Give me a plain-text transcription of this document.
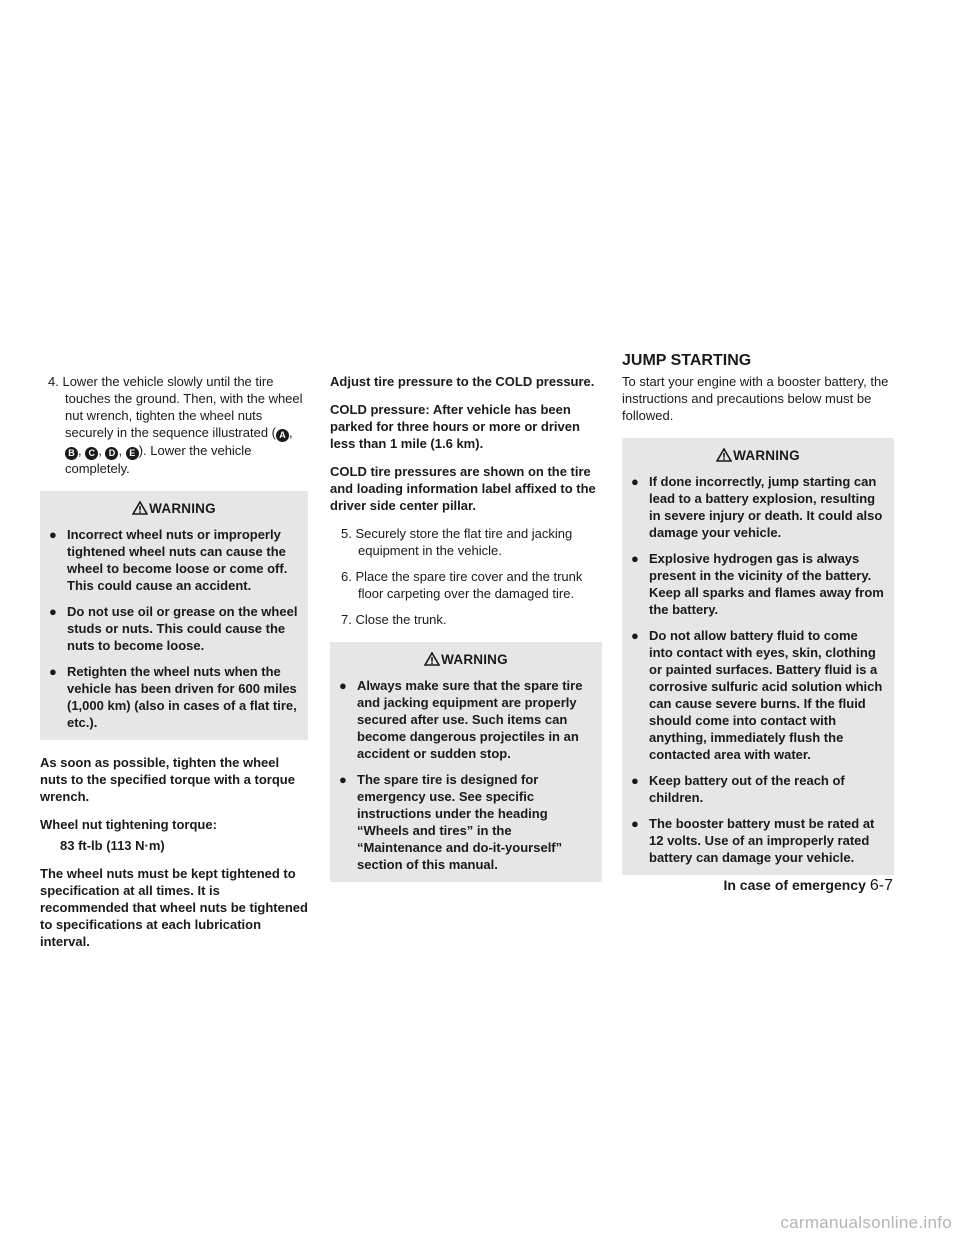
JUMP STARTING

4. Lower the vehicle slowly until the tire touches the ground. Then, with the wheel nut wrench, tighten the wheel nuts securely in the sequence illustrated ( A , B , C , D , E ). Lower the vehicle completely.

WARNING
● Incorrect wheel nuts or improperly tightened wheel nuts can cause the wheel to become loose or come off. This could cause an accident.
● Do not use oil or grease on the wheel studs or nuts. This could cause the nuts to become loose.
● Retighten the wheel nuts when the vehicle has been driven for 600 miles (1,000 km) (also in cases of a flat tire, etc.).

As soon as possible, tighten the wheel nuts to the specified torque with a torque wrench.

Wheel nut tightening torque:

83 ft-lb (113 N·m)

The wheel nuts must be kept tightened to specification at all times. It is recommended that wheel nuts be tightened to specifications at each lubrication interval.

Adjust tire pressure to the COLD pressure.

COLD pressure: After vehicle has been parked for three hours or more or driven less than 1 mile (1.6 km).

COLD tire pressures are shown on the tire and loading information label affixed to the driver side center pillar.

5. Securely store the flat tire and jacking equipment in the vehicle.

6. Place the spare tire cover and the trunk floor carpeting over the damaged tire.

7. Close the trunk.

WARNING
● Always make sure that the spare tire and jacking equipment are properly secured after use. Such items can become dangerous projectiles in an accident or sudden stop.
● The spare tire is designed for emergency use. See specific instructions under the heading “Wheels and tires” in the “Maintenance and do-it-yourself” section of this manual.

To start your engine with a booster battery, the instructions and precautions below must be followed.

WARNING
● If done incorrectly, jump starting can lead to a battery explosion, resulting in severe injury or death. It could also damage your vehicle.
● Explosive hydrogen gas is always present in the vicinity of the battery. Keep all sparks and flames away from the battery.
● Do not allow battery fluid to come into contact with eyes, skin, clothing or painted surfaces. Battery fluid is a corrosive sulfuric acid solution which can cause severe burns. If the fluid should come into contact with anything, immediately flush the contacted area with water.
● Keep battery out of the reach of children.
● The booster battery must be rated at 12 volts. Use of an improperly rated battery can damage your vehicle.
In case of emergency 6-7
carmanualsonline.info
